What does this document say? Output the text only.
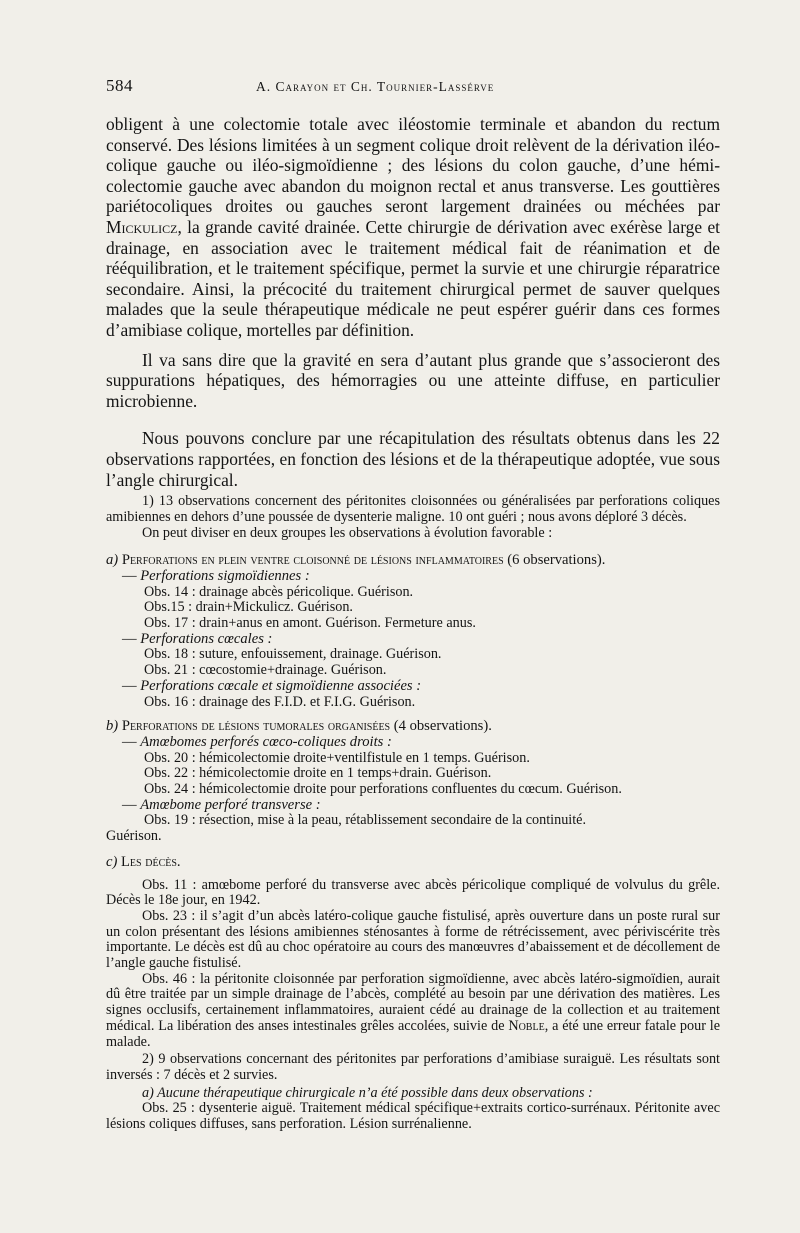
584	A. Carayon et Ch. Tournier-Lassérve

obligent à une colectomie totale avec iléostomie terminale et abandon du rectum conservé. Des lésions limitées à un segment colique droit relèvent de la dérivation iléo-colique gauche ou iléo-sigmoïdienne ; des lésions du colon gauche, d’une hémi-colectomie gauche avec abandon du moignon rectal et anus transverse. Les gouttières pariétocoliques droites ou gauches seront largement drainées ou méchées par Mickulicz, la grande cavité drainée. Cette chirurgie de dérivation avec exérèse large et drainage, en association avec le traitement médical fait de réanimation et de rééquilibration, et le traitement spécifique, permet la survie et une chirurgie réparatrice secondaire. Ainsi, la précocité du traitement chirurgical permet de sauver quelques malades que la seule thérapeutique médicale ne peut espérer guérir dans ces formes d’amibiase colique, mortelles par définition.

Il va sans dire que la gravité en sera d’autant plus grande que s’associeront des suppurations hépatiques, des hémorragies ou une atteinte diffuse, en particulier microbienne.

Nous pouvons conclure par une récapitulation des résultats obtenus dans les 22 observations rapportées, en fonction des lésions et de la thérapeutique adoptée, vue sous l’angle chirurgical.

1) 13 observations concernent des péritonites cloisonnées ou généralisées par perforations coliques amibiennes en dehors d’une poussée de dysenterie maligne. 10 ont guéri ; nous avons déploré 3 décès.

On peut diviser en deux groupes les observations à évolution favorable :

a) Perforations en plein ventre cloisonné de lésions inflammatoires (6 observations).

— Perforations sigmoïdiennes :

Obs. 14 : drainage abcès péricolique. Guérison.

Obs.15 : drain+Mickulicz. Guérison.

Obs. 17 : drain+anus en amont. Guérison. Fermeture anus.

— Perforations cœcales :

Obs. 18 : suture, enfouissement, drainage. Guérison.

Obs. 21 : cœcostomie+drainage. Guérison.

— Perforations cœcale et sigmoïdienne associées :

Obs. 16 : drainage des F.I.D. et F.I.G. Guérison.

b) Perforations de lésions tumorales organisées (4 observations).

— Amœbomes perforés cœco-coliques droits :

Obs. 20 : hémicolectomie droite+ventilfistule en 1 temps. Guérison.

Obs. 22 : hémicolectomie droite en 1 temps+drain. Guérison.

Obs. 24 : hémicolectomie droite pour perforations confluentes du cœcum. Guérison.

— Amœbome perforé transverse :

Obs. 19 : résection, mise à la peau, rétablissement secondaire de la continuité.

Guérison.

c) Les décès.

Obs. 11 : amœbome perforé du transverse avec abcès péricolique compliqué de volvulus du grêle. Décès le 18e jour, en 1942.

Obs. 23 : il s’agit d’un abcès latéro-colique gauche fistulisé, après ouverture dans un poste rural sur un colon présentant des lésions amibiennes sténosantes à forme de rétrécissement, avec périviscérite très importante. Le décès est dû au choc opératoire au cours des manœuvres d’abaissement et de décollement de l’angle gauche fistulisé.

Obs. 46 : la péritonite cloisonnée par perforation sigmoïdienne, avec abcès latéro-sigmoïdien, aurait dû être traitée par un simple drainage de l’abcès, complété au besoin par une dérivation des matières. Les signes occlusifs, certainement inflammatoires, auraient cédé au drainage de la collection et au traitement médical. La libération des anses intestinales grêles accolées, suivie de Noble, a été une erreur fatale pour le malade.

2) 9 observations concernant des péritonites par perforations d’amibiase suraiguë. Les résultats sont inversés : 7 décès et 2 survies.

a) Aucune thérapeutique chirurgicale n’a été possible dans deux observations :

Obs. 25 : dysenterie aiguë. Traitement médical spécifique+extraits cortico-surrénaux. Péritonite avec lésions coliques diffuses, sans perforation. Lésion surrénalienne.
